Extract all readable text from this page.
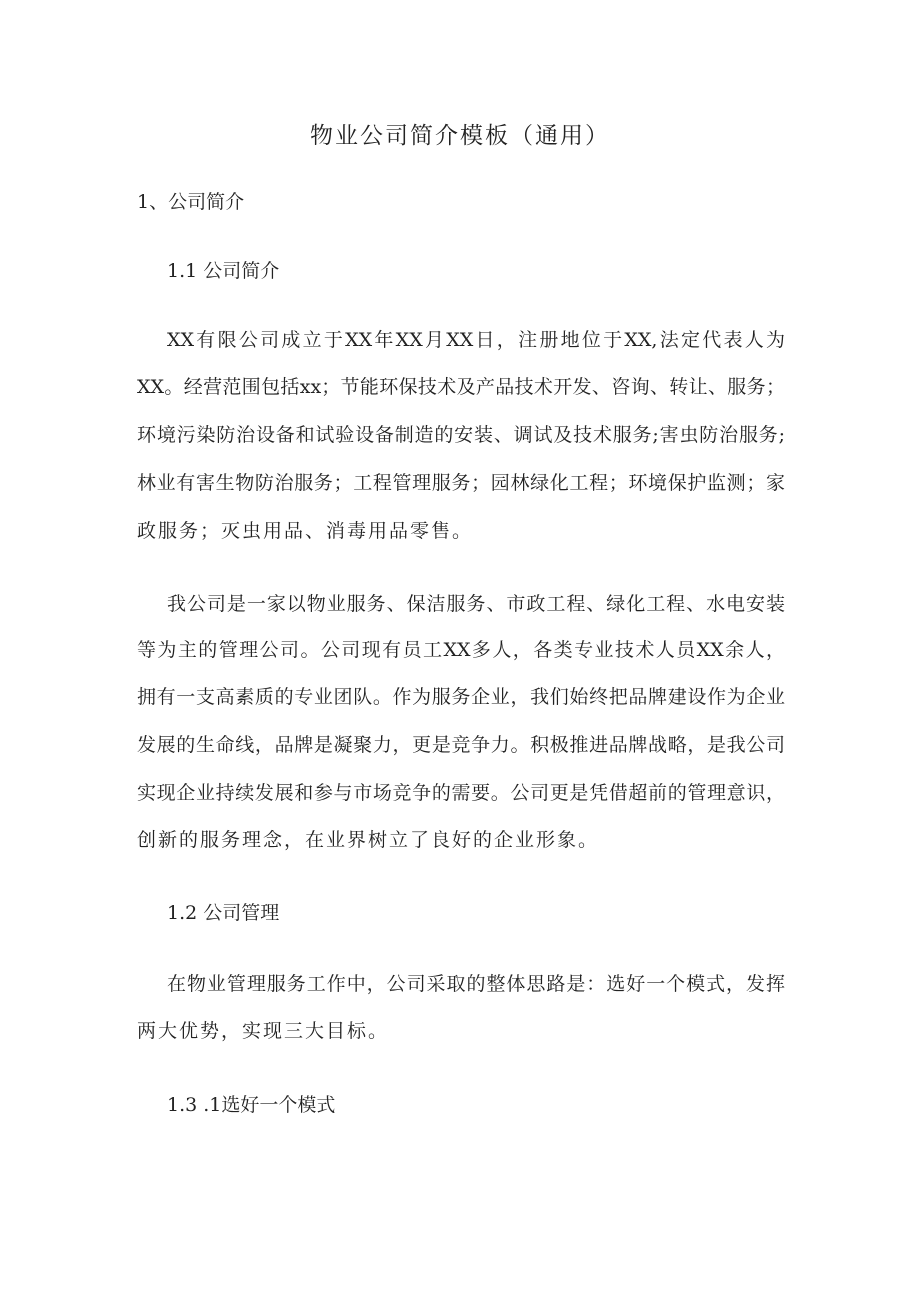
物业公司简介模板（通用）
1、公司简介
1.1 公司简介
XX有限公司成立于XX年XX月XX日，注册地位于XX,法定代表人为
XX。经营范围包括xx；节能环保技术及产品技术开发、咨询、转让、服务；
环境污染防治设备和试验设备制造的安装、调试及技术服务;害虫防治服务;
林业有害生物防治服务；工程管理服务；园林绿化工程；环境保护监测；家
政服务；灭虫用品、消毒用品零售。
我公司是一家以物业服务、保洁服务、市政工程、绿化工程、水电安装
等为主的管理公司。公司现有员工XX多人，各类专业技术人员XX余人，
拥有一支高素质的专业团队。作为服务企业，我们始终把品牌建设作为企业
发展的生命线，品牌是凝聚力，更是竞争力。积极推进品牌战略，是我公司
实现企业持续发展和参与市场竞争的需要。公司更是凭借超前的管理意识，
创新的服务理念，在业界树立了良好的企业形象。
1.2 公司管理
在物业管理服务工作中，公司采取的整体思路是：选好一个模式，发挥
两大优势，实现三大目标。
1.3 .1选好一个模式
